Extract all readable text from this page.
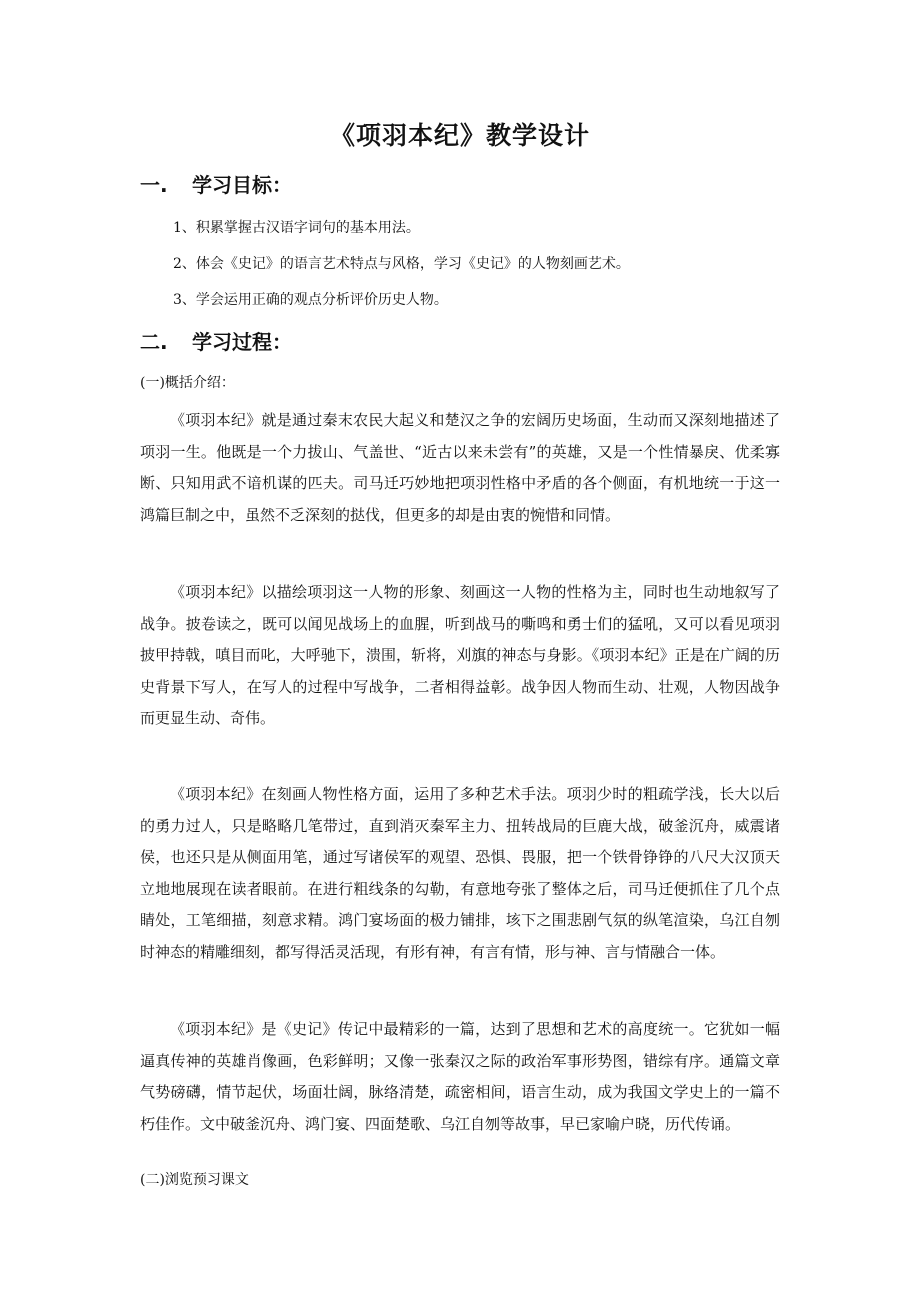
《项羽本纪》教学设计
一. 学习目标：
1、积累掌握古汉语字词句的基本用法。
2、体会《史记》的语言艺术特点与风格，学习《史记》的人物刻画艺术。
3、学会运用正确的观点分析评价历史人物。
二. 学习过程：
(一)概括介绍：
《项羽本纪》就是通过秦末农民大起义和楚汉之争的宏阔历史场面，生动而又深刻地描述了项羽一生。他既是一个力拔山、气盖世、“近古以来未尝有”的英雄，又是一个性情暴戾、优柔寡断、只知用武不谙机谋的匹夫。司马迁巧妙地把项羽性格中矛盾的各个侧面，有机地统一于这一鸿篇巨制之中，虽然不乏深刻的挞伐，但更多的却是由衷的惋惜和同情。
《项羽本纪》以描绘项羽这一人物的形象、刻画这一人物的性格为主，同时也生动地叙写了战争。披卷读之，既可以闻见战场上的血腥，听到战马的嘶鸣和勇士们的猛吼，又可以看见项羽披甲持戟，嗔目而叱，大呼驰下，溃围，斩将，刈旗的神态与身影。《项羽本纪》正是在广阔的历史背景下写人，在写人的过程中写战争，二者相得益彰。战争因人物而生动、壮观，人物因战争而更显生动、奇伟。
《项羽本纪》在刻画人物性格方面，运用了多种艺术手法。项羽少时的粗疏学浅，长大以后的勇力过人，只是略略几笔带过，直到消灭秦军主力、扭转战局的巨鹿大战，破釜沉舟，威震诸侯，也还只是从侧面用笔，通过写诸侯军的观望、恐惧、畏服，把一个铁骨铮铮的八尺大汉顶天立地地展现在读者眼前。在进行粗线条的勾勒，有意地夸张了整体之后，司马迁便抓住了几个点睛处，工笔细描，刻意求精。鸿门宴场面的极力铺排，垓下之围悲剧气氛的纵笔渲染，乌江自刎时神态的精雕细刻，都写得活灵活现，有形有神，有言有情，形与神、言与情融合一体。
《项羽本纪》是《史记》传记中最精彩的一篇，达到了思想和艺术的高度统一。它犹如一幅逼真传神的英雄肖像画，色彩鲜明；又像一张秦汉之际的政治军事形势图，错综有序。通篇文章气势磅礴，情节起伏，场面壮阔，脉络清楚，疏密相间，语言生动，成为我国文学史上的一篇不朽佳作。文中破釜沉舟、鸿门宴、四面楚歌、乌江自刎等故事，早已家喻户晓，历代传诵。
(二)浏览预习课文
